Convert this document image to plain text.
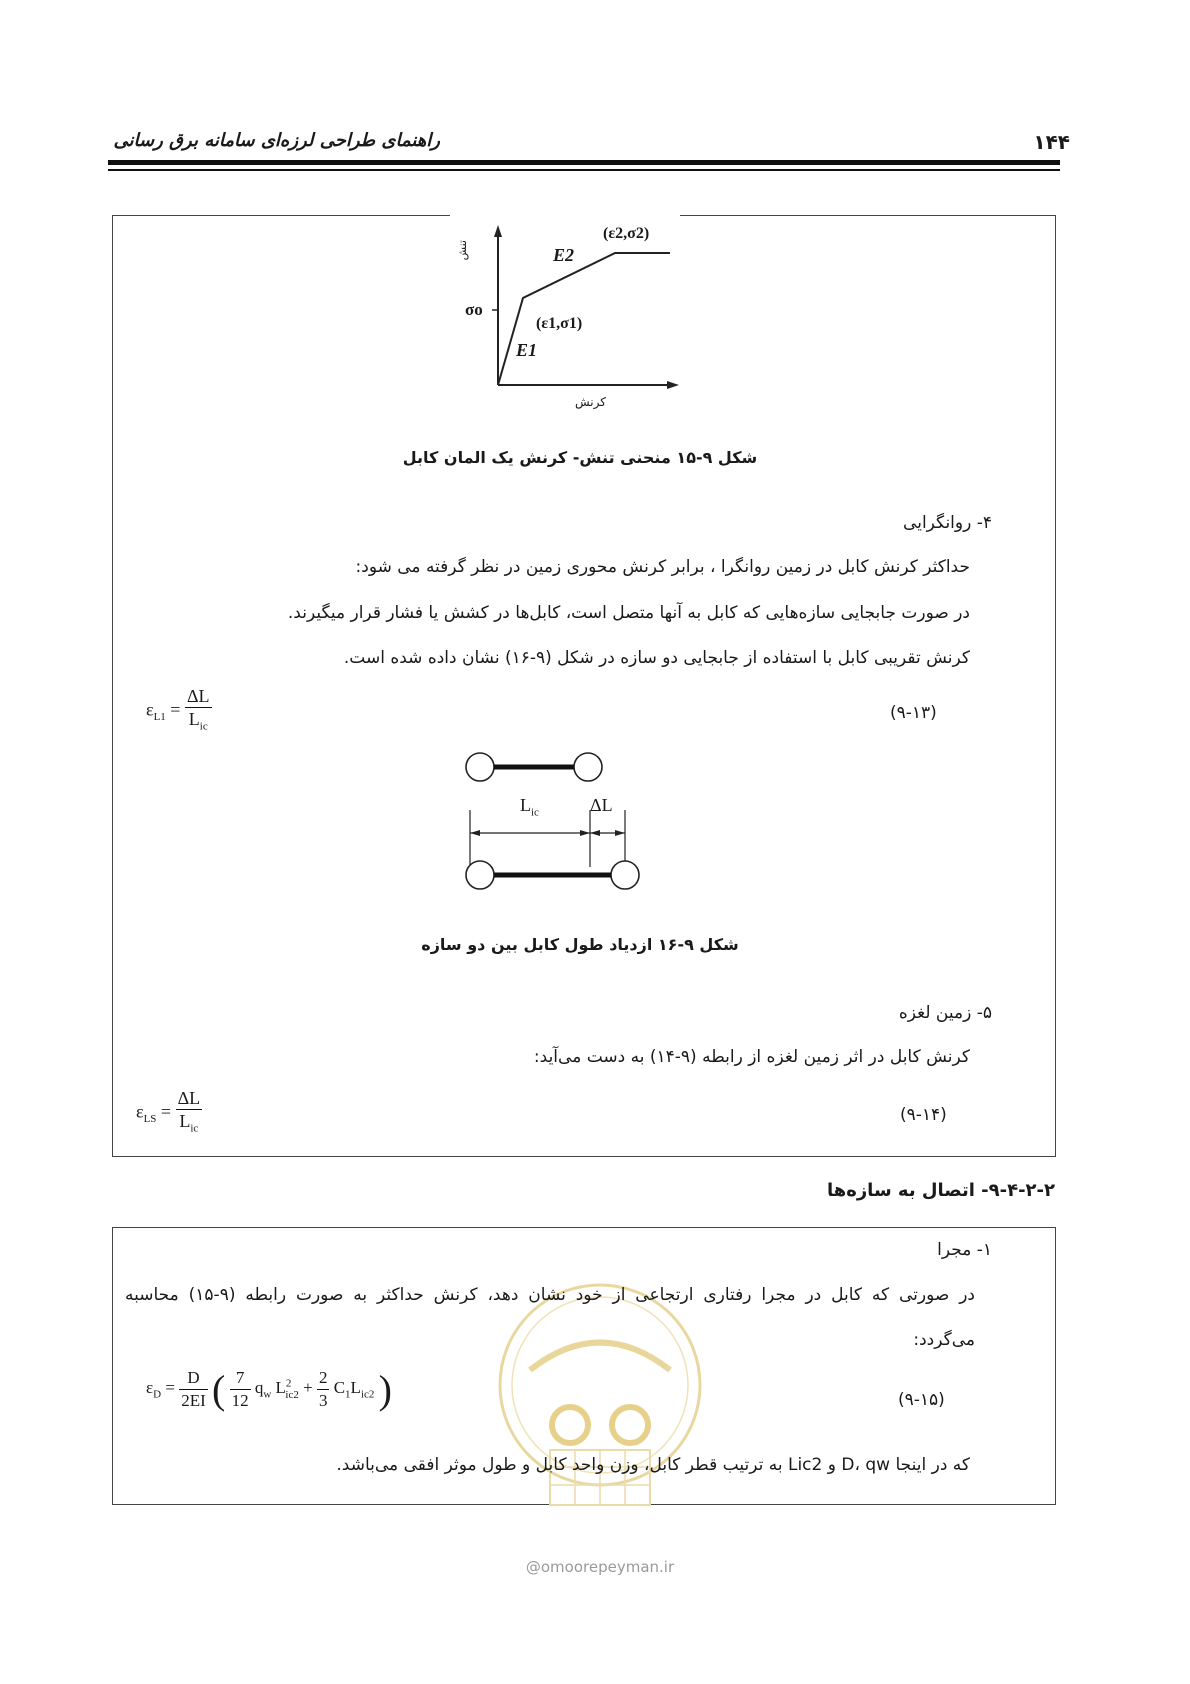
۱۴۴
راهنمای طراحی لرزه‌ای سامانه برق رسانی
تنش
σo
(ε1,σ1)
(ε2,σ2)
E1
E2
کرنش
شکل ۹-۱۵ منحنی تنش- کرنش یک المان کابل
۴- روانگرایی
حداکثر کرنش کابل در زمین روانگرا ، برابر کرنش محوری زمین در نظر گرفته می شود:
در صورت جابجایی سازه‌هایی که کابل به آنها متصل است، کابل‌ها در کشش یا فشار قرار میگیرند.
کرنش تقریبی کابل با استفاده از جابجایی دو سازه در شکل (۹-۱۶) نشان داده شده است.
$\varepsilon_{L1} = \frac{\Delta L}{L_{ic}}$	(۹-۱۳)
$L_{ic}$	ΔL
شکل ۹-۱۶ ازدیاد طول کابل بین دو سازه
۵- زمین لغزه
کرنش کابل در اثر زمین لغزه از رابطه (۹-۱۴) به دست می‌آید:
$\varepsilon_{LS} = \frac{\Delta L}{L_{ic}}$	(۹-۱۴)
۹-۴-۲-۲- اتصال به سازه‌ها
۱- مجرا
در صورتی که کابل در مجرا رفتاری ارتجاعی از خود نشان دهد، کرنش حداکثر به صورت رابطه (۹-۱۵) محاسبه
می‌گردد:
$\varepsilon_D = \frac{D}{2EI}$ ( $\frac{7}{12} q_w$ $L^2_{ic2} + \frac{2}{3} C_1L_{ic2}$ )	(۹-۱۵)
که در اینجا D، qw و Lic2 به ترتیب قطر کابل، وزن واحد کابل و طول موثر افقی می‌باشد.
@omoorepeyman.ir
